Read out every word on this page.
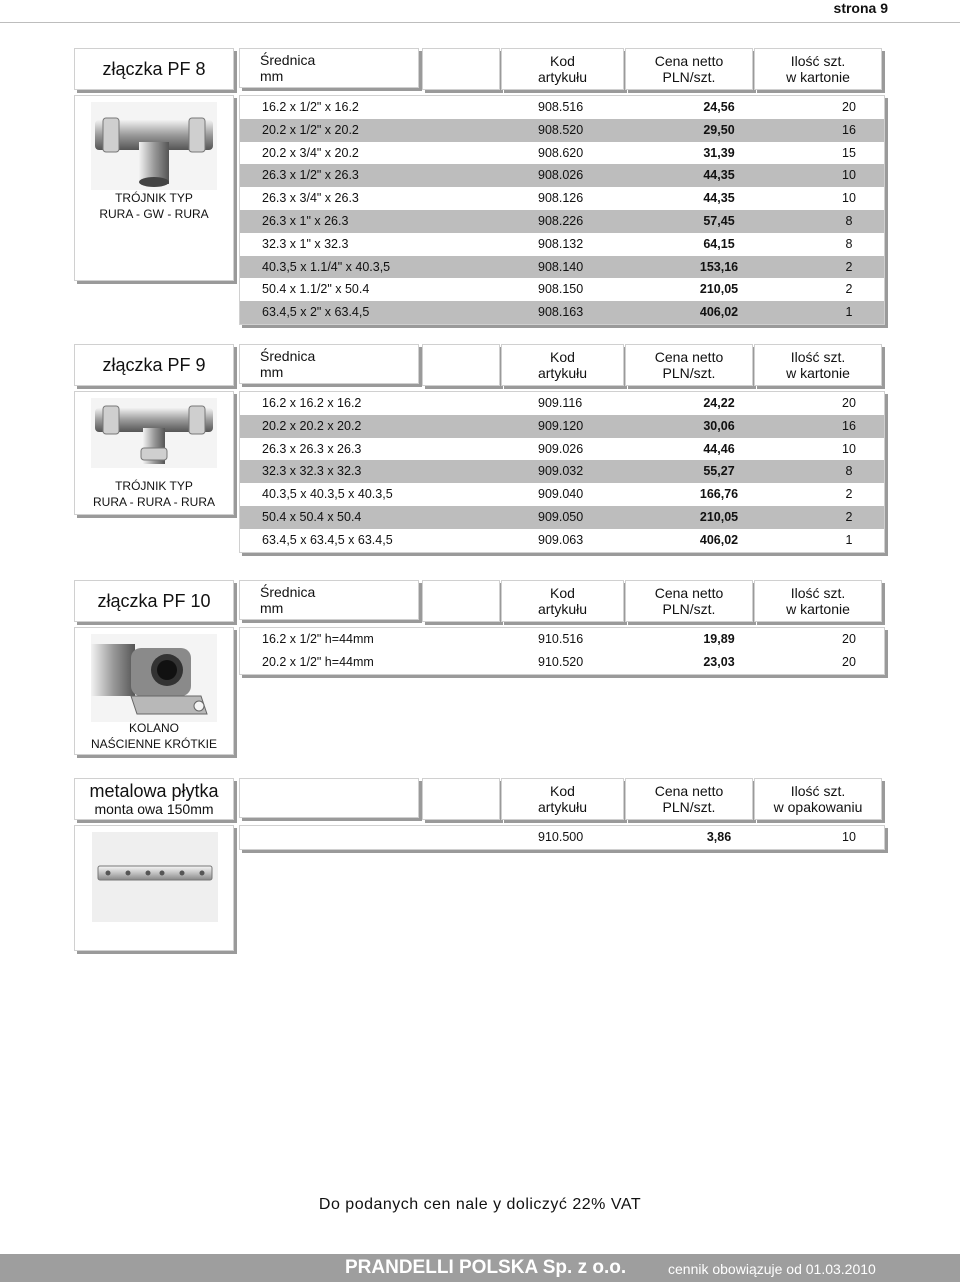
strona 9
złączka PF 8
TRÓJNIK TYP
RURA - GW - RURA
Średnica
mm
Kod
artykułu
Cena netto
PLN/szt.
Ilość szt.
w kartonie
16.2 x 1/2" x 16.2	908.516	24,56	20
20.2 x 1/2" x 20.2	908.520	29,50	16
20.2 x 3/4" x 20.2	908.620	31,39	15
26.3 x 1/2" x 26.3	908.026	44,35	10
26.3 x 3/4" x 26.3	908.126	44,35	10
26.3 x 1" x 26.3	908.226	57,45	8
32.3 x 1" x 32.3	908.132	64,15	8
40.3,5 x 1.1/4" x 40.3,5	908.140	153,16	2
50.4 x 1.1/2" x 50.4	908.150	210,05	2
63.4,5 x 2" x 63.4,5	908.163	406,02	1
złączka PF 9
TRÓJNIK TYP
RURA - RURA - RURA
Średnica
mm
Kod
artykułu
Cena netto
PLN/szt.
Ilość szt.
w kartonie
16.2 x 16.2 x 16.2	909.116	24,22	20
20.2 x 20.2 x 20.2	909.120	30,06	16
26.3 x 26.3 x 26.3	909.026	44,46	10
32.3 x 32.3 x 32.3	909.032	55,27	8
40.3,5 x 40.3,5 x 40.3,5	909.040	166,76	2
50.4 x 50.4 x 50.4	909.050	210,05	2
63.4,5 x 63.4,5 x 63.4,5	909.063	406,02	1
złączka PF 10
KOLANO
NAŚCIENNE KRÓTKIE
Średnica
mm
Kod
artykułu
Cena netto
PLN/szt.
Ilość szt.
w kartonie
16.2 x 1/2" h=44mm	910.516	19,89	20
20.2 x 1/2" h=44mm	910.520	23,03	20
metalowa płytka
monta owa 150mm
Kod
artykułu
Cena netto
PLN/szt.
Ilość szt.
w opakowaniu
910.500	3,86	10
Do podanych cen nale y doliczyć 22% VAT
PRANDELLI POLSKA Sp. z o.o.	cennik obowiązuje od 01.03.2010
